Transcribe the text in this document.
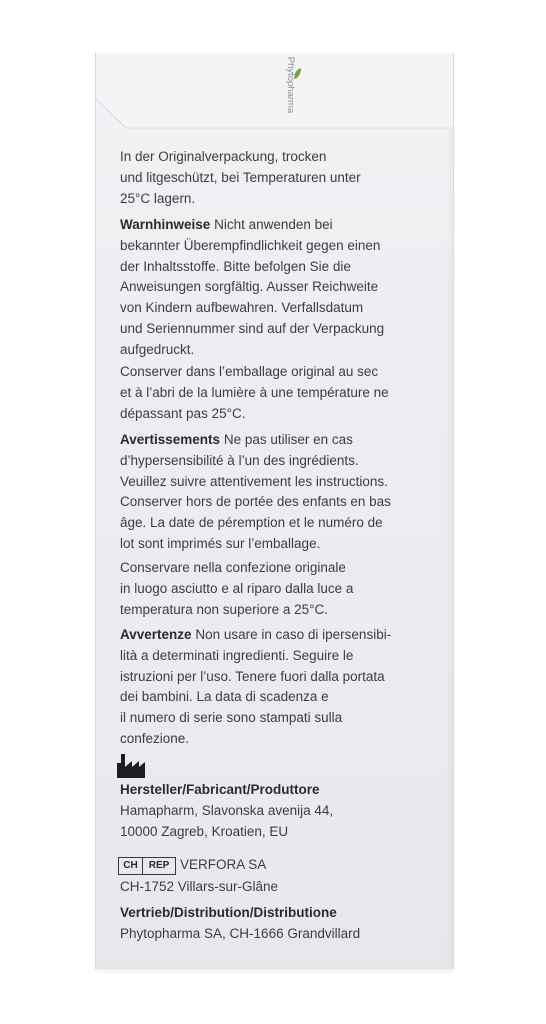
Phytopharma
In der Originalverpackung, trocken
und litgeschützt, bei Temperaturen unter
25°C lagern.
Warnhinweise Nicht anwenden bei
bekannter Überempfindlichkeit gegen einen
der Inhaltsstoffe. Bitte befolgen Sie die
Anweisungen sorgfältig. Ausser Reichweite
von Kindern aufbewahren. Verfallsdatum
und Seriennummer sind auf der Verpackung
aufgedruckt.
Conserver dans l’emballage original au sec
et à l’abri de la lumière à une température ne
dépassant pas 25°C.
Avertissements Ne pas utiliser en cas
d’hypersensibilité à l’un des ingrédients.
Veuillez suivre attentivement les instructions.
Conserver hors de portée des enfants en bas
âge. La date de péremption et le numéro de
lot sont imprimés sur l’emballage.
Conservare nella confezione originale
in luogo asciutto e al riparo dalla luce a
temperatura non superiore a 25°C.
Avvertenze Non usare in caso di ipersensibi-
lità a determinati ingredienti. Seguire le
istruzioni per l’uso. Tenere fuori dalla portata
dei bambini. La data di scadenza e
il numero di serie sono stampati sulla
confezione.
Hersteller/Fabricant/Produttore
Hamapharm, Slavonska avenija 44,
10000 Zagreb, Kroatien, EU
CH	REP VERFORA SA
CH-1752 Villars-sur-Glâne
Vertrieb/Distribution/Distributione
Phytopharma SA, CH-1666 Grandvillard
